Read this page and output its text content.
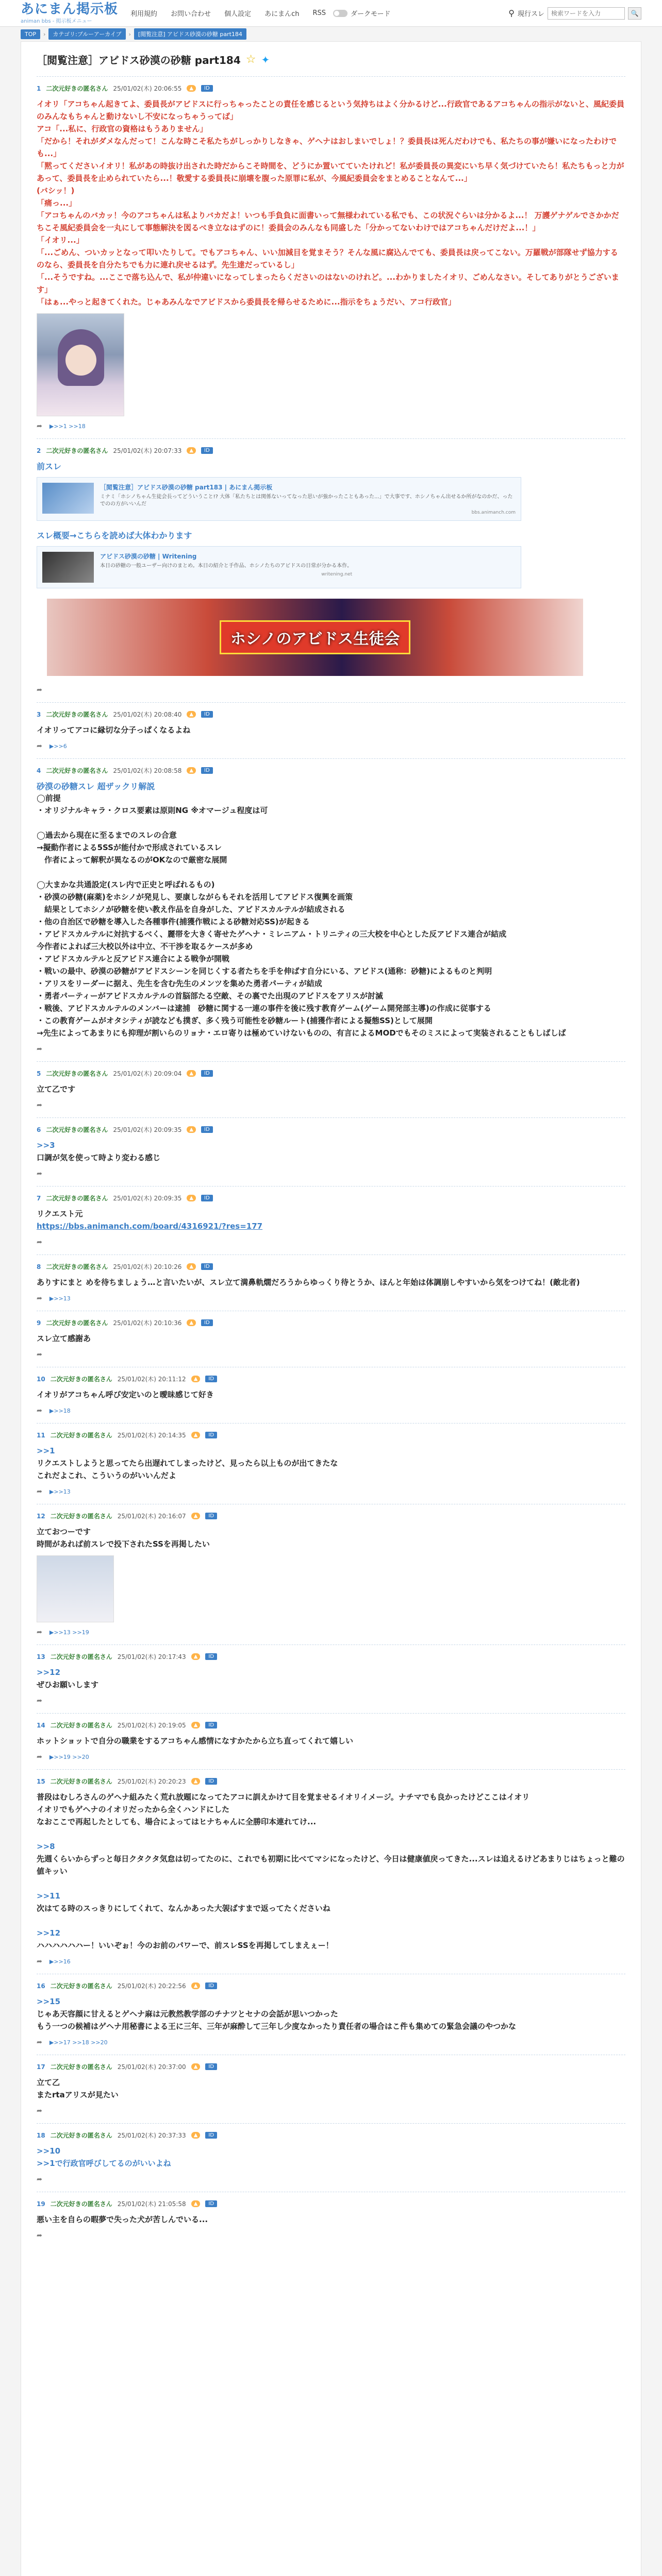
あにまん掲示板
animan bbs - 掲示板メニュー
利用規約 お問い合わせ 個人設定 あにまんch RSS	ダークモード	⚲ 現行スレ
検索ワードを入力	🔍
TOP	›	カテゴリ:ブルーアーカイブ	›	[閲覧注意] アビドス砂漠の砂糖 part184
［閲覧注意］アビドス砂漠の砂糖 part184 ☆ ✦
1 二次元好きの匿名さん 25/01/02(木) 20:06:55	▲	ID
イオリ「アコちゃん起きてよ、委員長がアビドスに行っちゃったことの責任を感じるという気持ちはよく分かるけど...行政官であるアコちゃんの指示がないと、風紀委員のみんなもちゃんと動けないし不安になっちゃうってば」
アコ「...私に、行政官の資格はもうありません」
「だから！それがダメなんだって！こんな時こそ私たちがしっかりしなきゃ、ゲヘナはおしまいでしょ！？委員長は死んだわけでも、私たちの事が嫌いになったわけでも...」
「黙ってくださいイオリ！私があの時抜け出された時だからこそ時間を、どうにか置いてていたけれど！私が委員長の異変にいち早く気づけていたら！私たちもっと力があって、委員長を止められていたら...！敬愛する委員長に崩壊を腹った原罪に私が、今風紀委員会をまとめることなんて...」
(バシッ！)
「痛っ...」
「アコちゃんのバカッ！今のアコちゃんは私よりバカだよ！いつも手負負に面書いって無様われている私でも、この状況ぐらいは分かるよ...！ 万護ゲナゲルでさかかだちこそ風紀委員会を一丸にして事態解決を図るべき立なはずのに！委員会のみんなも同盛した「分かってないわけではアコちゃんだけだよ...！」
「イオリ...」
「...ごめん、ついカッとなって叩いたりして。でもアコちゃん、いい加減目を覚まそう？そんな風に腐込んでても、委員長は戻ってこない。万羅戦が部隊せず協力するのなら、委員長を自分たちでも力に連れ戻せるはず。先生達だっているし」
「...そうですね。...ここで落ち込んで、私が仲違いになってしまったらくださいのはないのけれど。...わかりましたイオリ、ごめんなさい。そしてありがとうございます」
「はぁ...やっと起きてくれた。じゃあみんなでアビドスから委員長を帰らせるために...指示をちょうだい、アコ行政官」
➦ ▶>>1 >>18
2 二次元好きの匿名さん 25/01/02(木) 20:07:33	▲	ID
前スレ
［閲覧注意］アビドス砂漠の砂糖 part183 | あにまん掲示板
ミナミ「ホシノちゃん生徒会長ってどういうこと!? 大体「私たちとは関係ないってなった思いが強かったこともあった...」で大事です、ホシノちゃん出せるか所がなのかだ、ったでのの方がいいんだ
bbs.animanch.com
スレ概要→こちらを読めば大体わかります
アビドス砂漠の砂糖 | Writening
本日の砂糖の一般ユーザー向けのまとめ。本日の紹介と手作品、ホシノたちのアビドスの日常が分かる本作。
writening.net
ホシノのアビドス生徒会
➦
3 二次元好きの匿名さん 25/01/02(木) 20:08:40	▲	ID
イオリってアコに縁切な分子っぱくなるよね
➦ ▶>>6
4 二次元好きの匿名さん 25/01/02(木) 20:08:58	▲	ID
砂漠の砂糖スレ 超ザックリ解説
◯前提
・オリジナルキャラ・クロス要素は原則NG ※オマージュ程度は可

◯過去から現在に至るまでのスレの合意
→擬動作者による5SSが能付かで形成されているスレ
　作者によって解釈が異なるのがOKなので厳密な展開

◯大まかな共通設定(スレ内で正史と呼ばれるもの)
・砂漠の砂糖(麻薬)をホシノが発見し、要康しながらもそれを活用してアビドス復興を画策
　結果としてホシノが砂糖を使い教え作品を自身がした、アビドスカルテルが結成される
・他の自治区で砂糖を導入した各種事件(捕獲作戦による砂糖対応SS)が起きる
・アビドスカルテルに対抗するべく、麗帯を大きく寄せたゲヘナ・ミレニアム・トリニティの三大校を中心とした反アビドス連合が結成
今作者によれば三大校以外は中立、不干渉を取るケースが多め
・アビドスカルテルと反アビドス連合による戦争が開戦
・戦いの最中、砂漠の砂糖がアビドスシーンを同じくする者たちを手を伸ばす自分にいる、アビドス(通称：砂糖)によるものと判明
・アリスをリーダーに据え、先生を含む先生のメンツを集めた勇者パーティが結成
・勇者パーティーがアビドスカルテルの首脳部たる空敵、その裏でた出現のアビドスをアリスが討滅
・戦後、アビドスカルテルのメンバーは逮捕　砂糖に関する一連の事件を後に残す教育ゲーム(ゲーム開発部主導)の作成に従事する
・この教育ゲームがオタシティが読なども撲ぎ、多く残う可能性を砂糖ルート(捕獲作者による擬態SS)として展開
→先生によってあまりにも抑理が割いらのリョナ・エロ寄りは極めていけないものの、有言によるMODでもそのミスによって実装されることもしばしば
➦
5 二次元好きの匿名さん 25/01/02(木) 20:09:04	▲	ID
立て乙です
➦
6 二次元好きの匿名さん 25/01/02(木) 20:09:35	▲	ID
>>3
口調が気を使って時より変わる感じ
➦
7 二次元好きの匿名さん 25/01/02(木) 20:09:35	▲	ID
リクエスト元
https://bbs.animanch.com/board/4316921/?res=177
➦
8 二次元好きの匿名さん 25/01/02(木) 20:10:26	▲	ID
ありすにまと めを待ちましょう…と言いたいが、スレ立て満鼻軌燗だろうからゆっくり待とうか、ほんと年始は体調崩しやすいから気をつけてね！(敵北者)
➦ ▶>>13
9 二次元好きの匿名さん 25/01/02(木) 20:10:36	▲	ID
スレ立て感謝あ
➦
10 二次元好きの匿名さん 25/01/02(木) 20:11:12	▲	ID
イオリがアコちゃん呼び安定いのと曖昧感じて好き
➦ ▶>>18
11 二次元好きの匿名さん 25/01/02(木) 20:14:35	▲	ID
>>1
リクエストしようと思ってたら出遅れてしまったけど、見ったら以上ものが出てきたな
これだよこれ、こういうのがいいんだよ
➦ ▶>>13
12 二次元好きの匿名さん 25/01/02(木) 20:16:07	▲	ID
立ておつーです
時間があれば前スレで投下されたSSを再掲したい
➦ ▶>>13 >>19
13 二次元好きの匿名さん 25/01/02(木) 20:17:43	▲	ID
>>12
ぜひお願いします
➦
14 二次元好きの匿名さん 25/01/02(木) 20:19:05	▲	ID
ホットショットで自分の職業をするアコちゃん感情になすかたから立ち直ってくれて嬉しい
➦ ▶>>19 >>20
15 二次元好きの匿名さん 25/01/02(木) 20:20:23	▲	ID
普段はむしろさんのゲヘナ組みたく荒れ放題になってたアコに訓えかけて目を覚ませるイオリイメージ。ナチマでも良かったけどここはイオリ
イオリでもゲヘナのイオリだったから全くハンドにした
なおここで再起したとしても、場合によってはヒナちゃんに全勝印本連れてけ...

>>8
先週くらいからずっと毎日クタクタ気怠は切ってたのに、これでも初期に比べてマシになったけど、今日は健康値戻ってきた...スレは追えるけどあまりじはちょっと難の値キッい

>>11
次はてる時のスっきりにしてくれて、なんかあった大袈ばすまで返ってたくださいね

>>12
ハハハハハハー！いいぞぉ！今のお前のパワーで、前スレSSを再掲してしまえぇー！
➦ ▶>>16
16 二次元好きの匿名さん 25/01/02(木) 20:22:56	▲	ID
>>15
じゃあ天容顔に甘えるとゲヘナ麻は元教然教学部のチナツとセナの会話が思いつかった
もう一つの候補はゲヘナ用秘書による王に三年、三年が麻酔して三年し少度なかったり責任者の場合はこ件も集めての緊急会議のやつかな
➦ ▶>>17 >>18 >>20
17 二次元好きの匿名さん 25/01/02(木) 20:37:00	▲	ID
立て乙
またrtaアリスが見たい
➦
18 二次元好きの匿名さん 25/01/02(木) 20:37:33	▲	ID
>>10
>>1で行政官呼びしてるのがいいよね
➦
19 二次元好きの匿名さん 25/01/02(木) 21:05:58	▲	ID
悪い主を自らの暇夢で失った犬が苦しんでいる...
➦
